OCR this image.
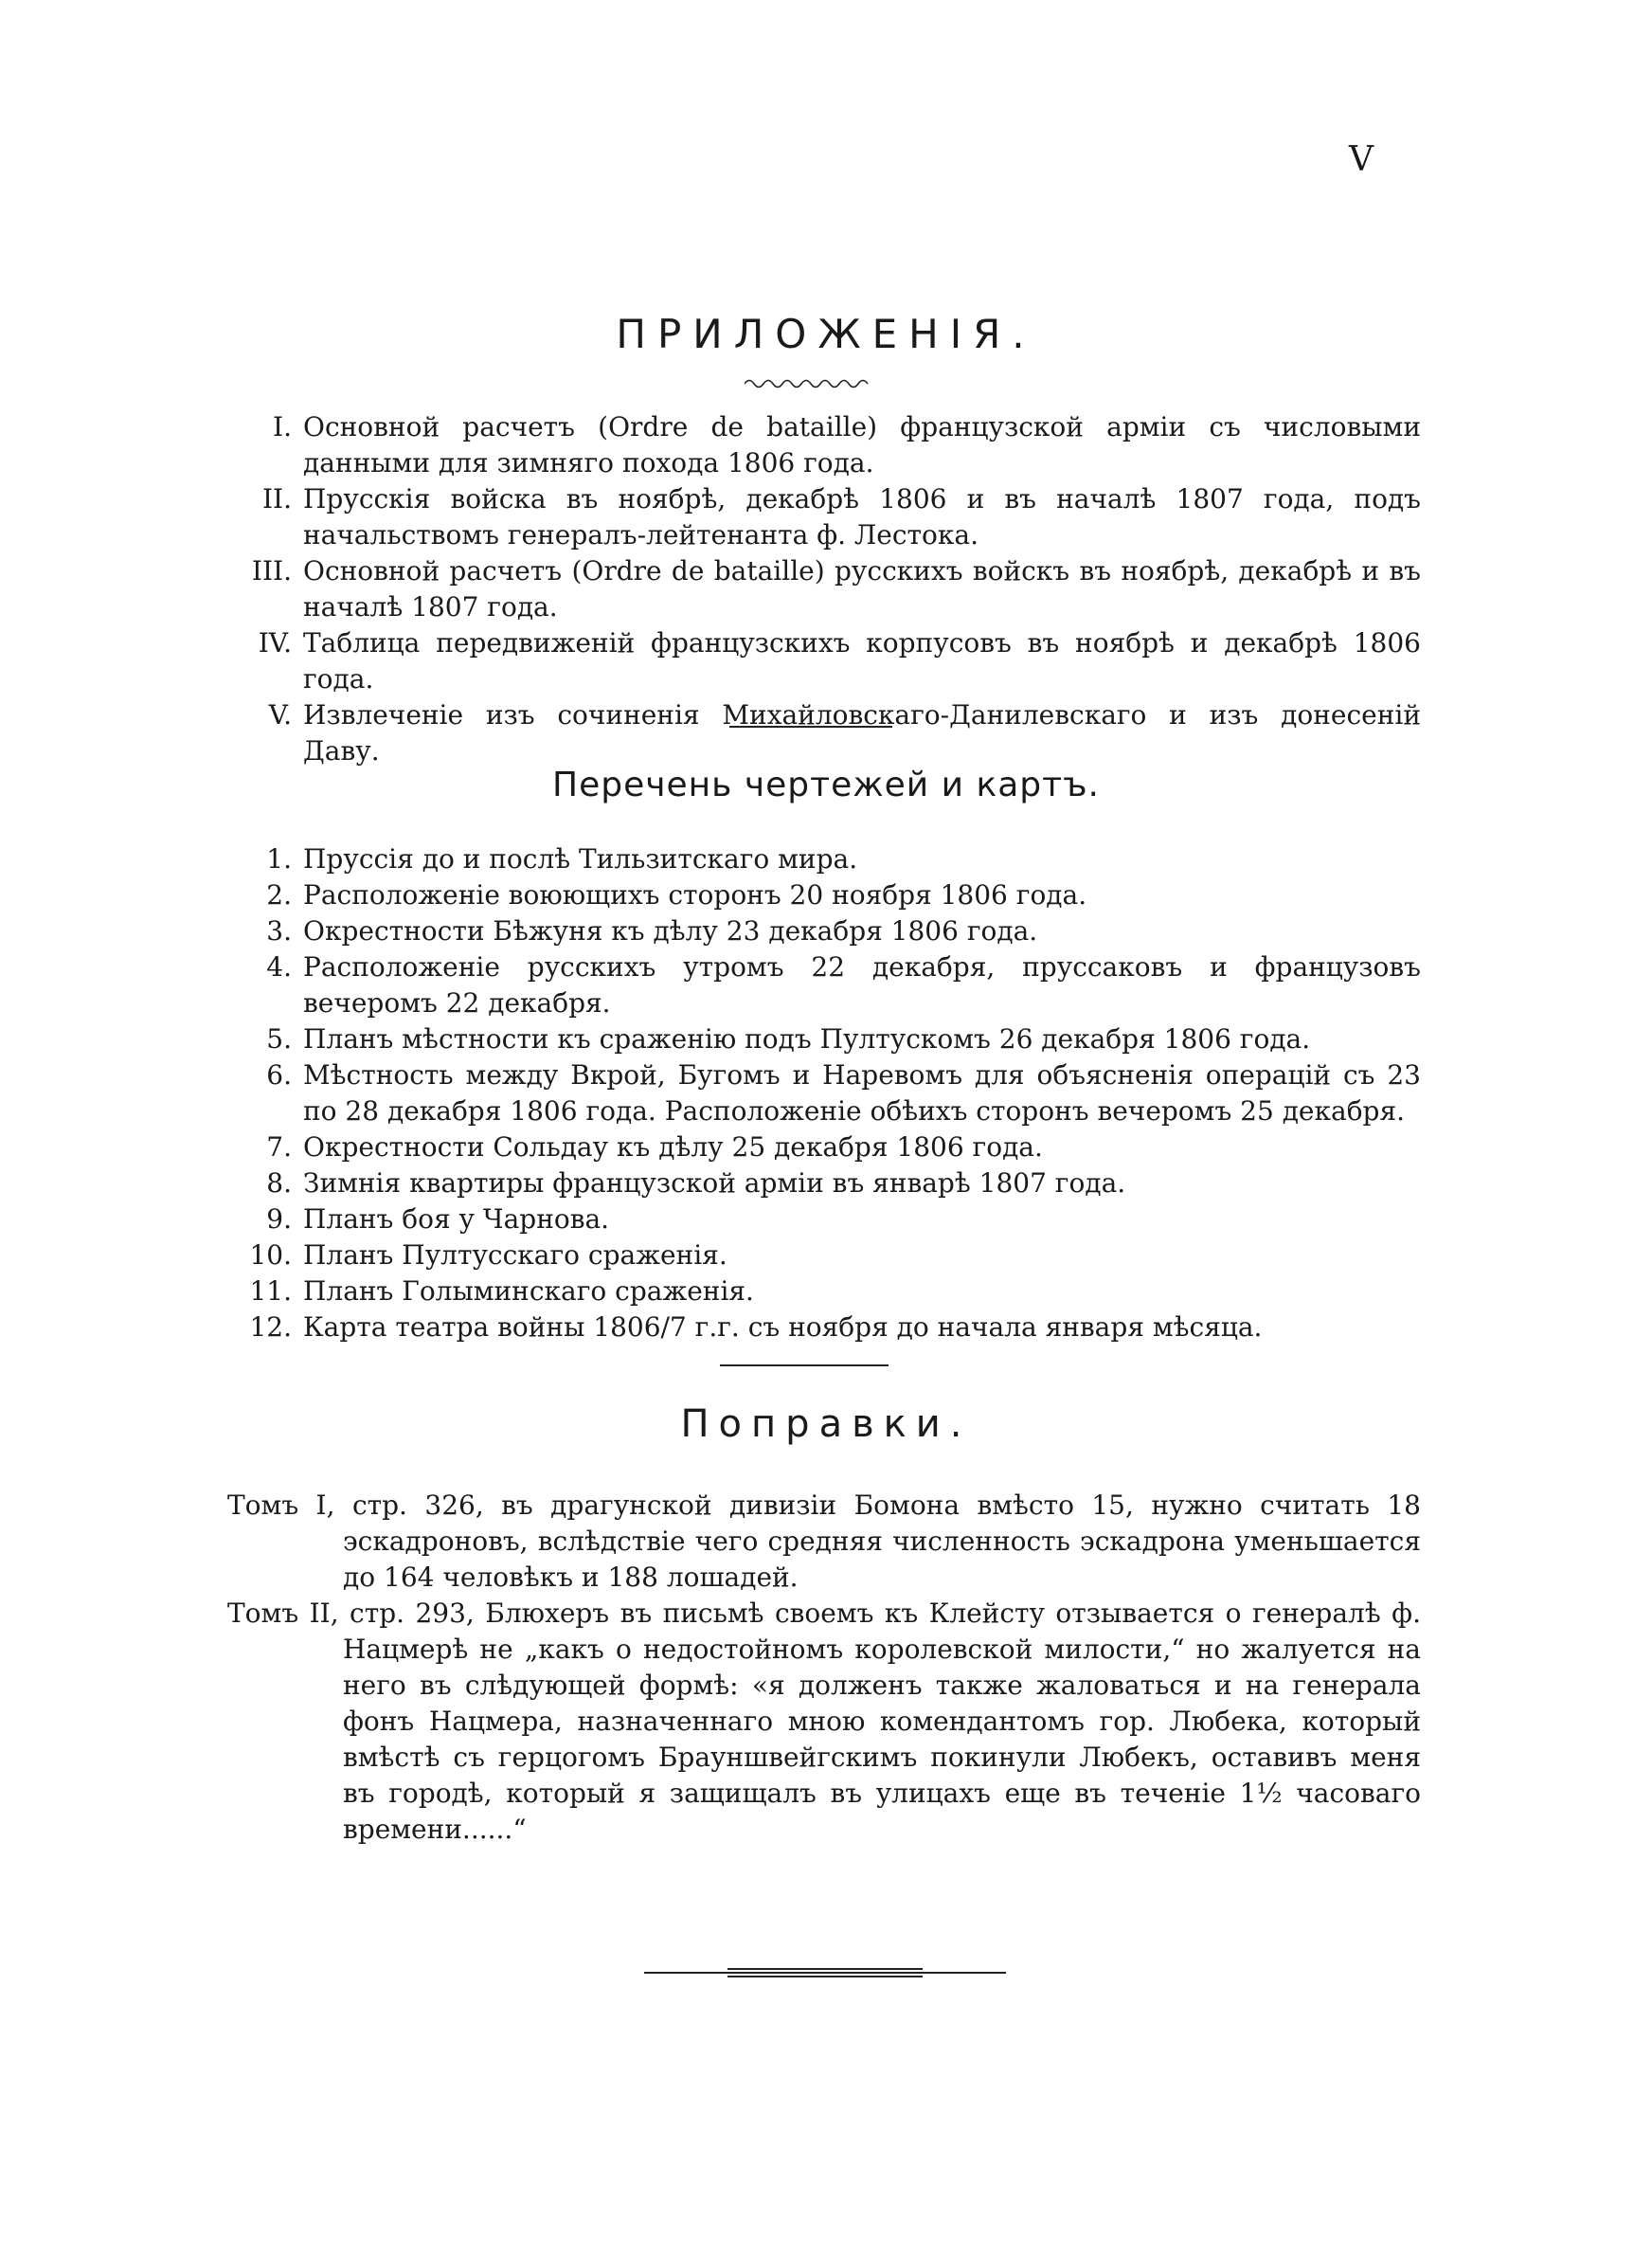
V
ПРИЛОЖЕНІЯ.
I. Основной расчетъ (Ordre de bataille) французской арміи съ числовыми данными для зимняго похода 1806 года.
II. Прусскія войска въ ноябрѣ, декабрѣ 1806 и въ началѣ 1807 года, подъ начальствомъ генералъ-лейтенанта ф. Лестока.
III. Основной расчетъ (Ordre de bataille) русскихъ войскъ въ ноябрѣ, декабрѣ и въ началѣ 1807 года.
IV. Таблица передвиженій французскихъ корпусовъ въ ноябрѣ и декабрѣ 1806 года.
V. Извлеченіе изъ сочиненія Михайловскаго-Данилевскаго и изъ донесеній Даву.
Перечень чертежей и картъ.
1. Пруссія до и послѣ Тильзитскаго мира.
2. Расположеніе воюющихъ сторонъ 20 ноября 1806 года.
3. Окрестности Бѣжуня къ дѣлу 23 декабря 1806 года.
4. Расположеніе русскихъ утромъ 22 декабря, пруссаковъ и французовъ вечеромъ 22 декабря.
5. Планъ мѣстности къ сраженію подъ Пултускомъ 26 декабря 1806 года.
6. Мѣстность между Вкрой, Бугомъ и Наревомъ для объясненія операцій съ 23 по 28 декабря 1806 года. Расположеніе обѣихъ сторонъ вечеромъ 25 декабря.
7. Окрестности Сольдау къ дѣлу 25 декабря 1806 года.
8. Зимнія квартиры французской арміи въ январѣ 1807 года.
9. Планъ боя у Чарнова.
10. Планъ Пултусскаго сраженія.
11. Планъ Голыминскаго сраженія.
12. Карта театра войны 1806/7 г.г. съ ноября до начала января мѣсяца.
Поправки.

Томъ I, стр. 326, въ драгунской дивизіи Бомона вмѣсто 15, нужно считать 18 эскадроновъ, вслѣдствіе чего средняя численность эскадрона уменьшается до 164 человѣкъ и 188 лошадей.

Томъ II, стр. 293, Блюхеръ въ письмѣ своемъ къ Клейсту отзывается о генералѣ ф. Нацмерѣ не „какъ о недостойномъ королевской милости,“ но жалуется на него въ слѣдующей формѣ: «я долженъ также жаловаться и на генерала фонъ Нацмера, назначеннаго мною комендантомъ гор. Любека, который вмѣстѣ съ герцогомъ Брауншвейгскимъ покинули Любекъ, оставивъ меня въ городѣ, который я защищалъ въ улицахъ еще въ теченіе 1½ часоваго времени......“
